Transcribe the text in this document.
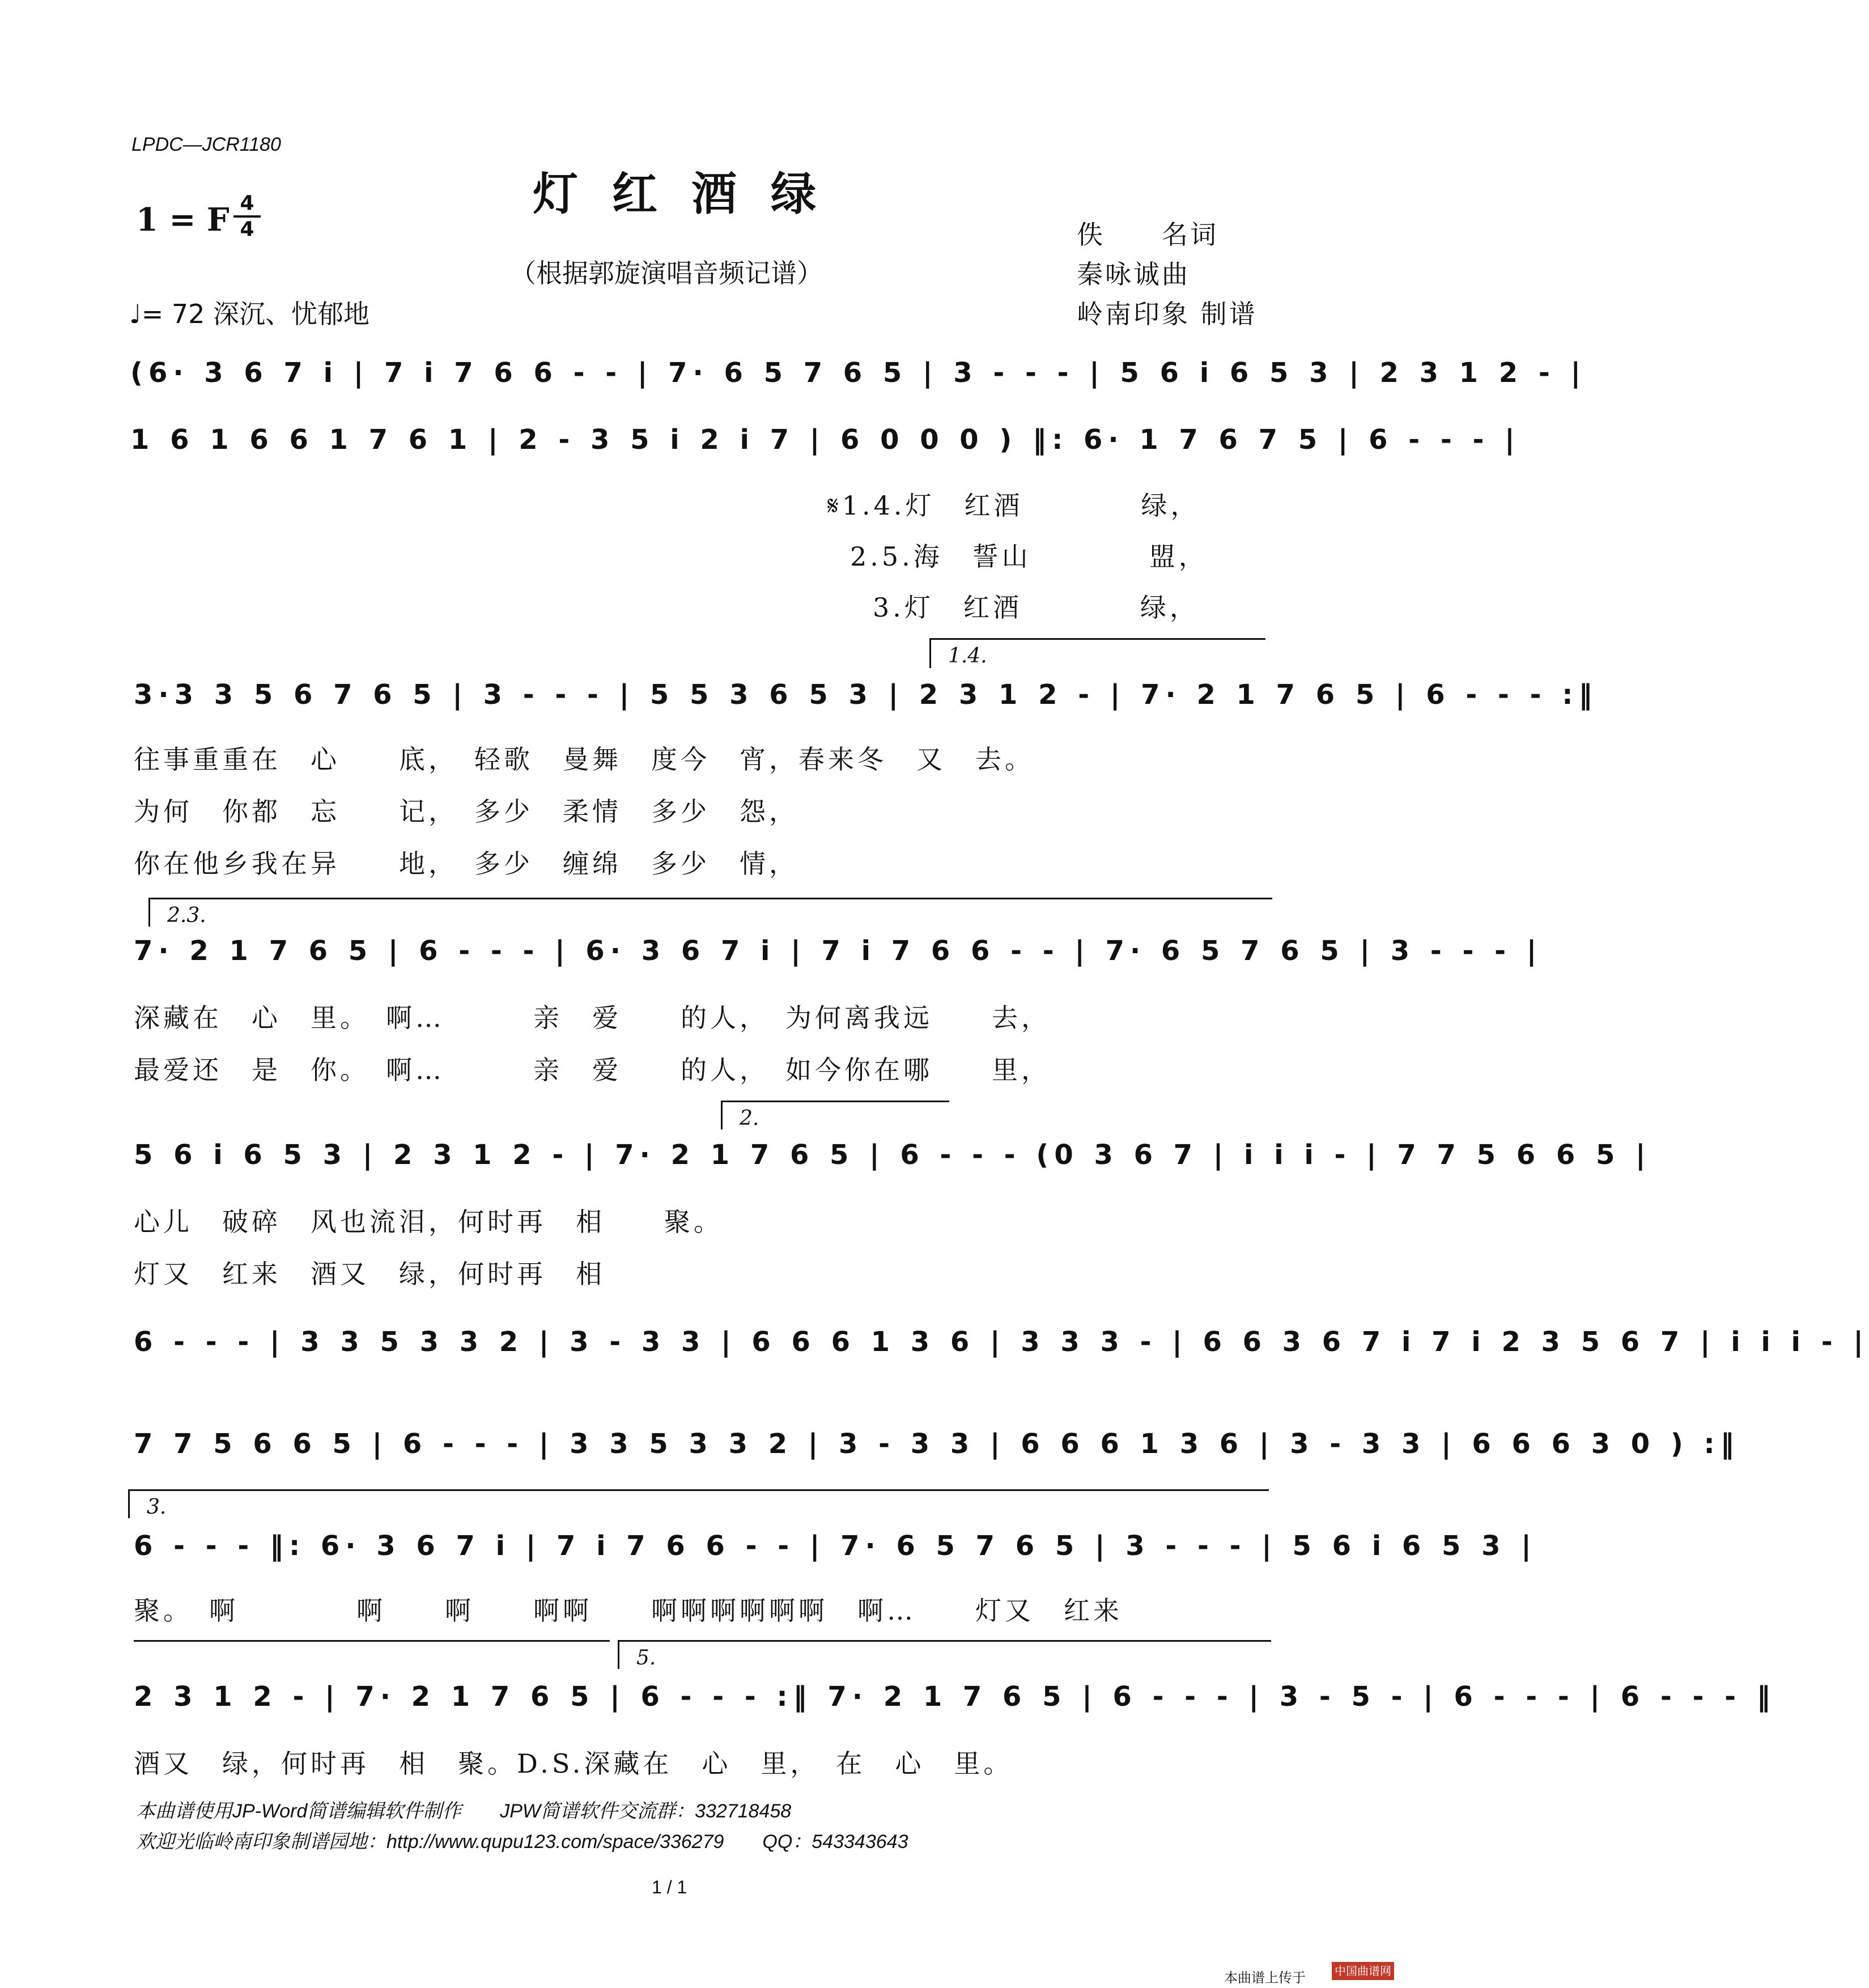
LPDC—JCR1180
灯红酒绿
1 = F 4
4
（根据郭旋演唱音频记谱）
♩= 72 深沉、忧郁地
佚　　名词
秦咏诚曲
岭南印象 制谱
(6· 3 6 7 i | 7 i 7 6 6 - - | 7· 6 5 7 6 5 | 3 - - - | 5 6 i 6 5 3 | 2 3 1 2 - |
1 6 1 6 6 1 7 6 1 | 2 - 3 5 i 2 i 7 | 6 0 0 0 ) ‖: 6· 1 7 6 7 5 | 6 - - - |
𝄋1.4.灯　红酒　　　　绿，
2.5.海　誓山　　　　盟，
3.灯　红酒　　　　绿，
1.4.
3·3 3 5 6 7 6 5 | 3 - - - | 5 5 3 6 5 3 | 2 3 1 2 - | 7· 2 1 7 6 5 | 6 - - - :‖
往事重重在　心　　底，　轻歌　曼舞　度今　宵，春来冬　又　去。
为何　你都　忘　　记，　多少　柔情　多少　怨，
你在他乡我在异　　地，　多少　缠绵　多少　情，
2.3.
7· 2 1 7 6 5 | 6 - - - | 6· 3 6 7 i | 7 i 7 6 6 - - | 7· 6 5 7 6 5 | 3 - - - |
深藏在　心　里。　啊…　　　亲　爱　　的人，　为何离我远　　去，
最爱还　是　你。　啊…　　　亲　爱　　的人，　如今你在哪　　里，
2.
5 6 i 6 5 3 | 2 3 1 2 - | 7· 2 1 7 6 5 | 6 - - - (0 3 6 7 | i i i - | 7 7 5 6 6 5 |
心儿　破碎　风也流泪，何时再　相　　聚。
灯又　红来　酒又　绿，何时再　相
6 - - - | 3 3 5 3 3 2 | 3 - 3 3 | 6 6 6 1 3 6 | 3 3 3 - | 6 6 3 6 7 i 7 i 2 3 5 6 7 | i i i - |
7 7 5 6 6 5 | 6 - - - | 3 3 5 3 3 2 | 3 - 3 3 | 6 6 6 1 3 6 | 3 - 3 3 | 6 6 6 3 0 ) :‖
3.
6 - - - ‖: 6· 3 6 7 i | 7 i 7 6 6 - - | 7· 6 5 7 6 5 | 3 - - - | 5 6 i 6 5 3 |
聚。　啊　　　　啊　　啊　　啊啊　　啊啊啊啊啊啊　啊…　　灯又　红来
5.
2 3 1 2 - | 7· 2 1 7 6 5 | 6 - - - :‖ 7· 2 1 7 6 5 | 6 - - - | 3 - 5 - | 6 - - - | 6 - - - ‖
酒又　绿，何时再　相　聚。D.S.深藏在　心　里，　在　心　里。
本曲谱使用JP-Word简谱编辑软件制作　　JPW简谱软件交流群：332718458
欢迎光临岭南印象制谱园地：http://www.qupu123.com/space/336279　　QQ：543343643
1 / 1
本曲谱上传于	中国曲谱网
